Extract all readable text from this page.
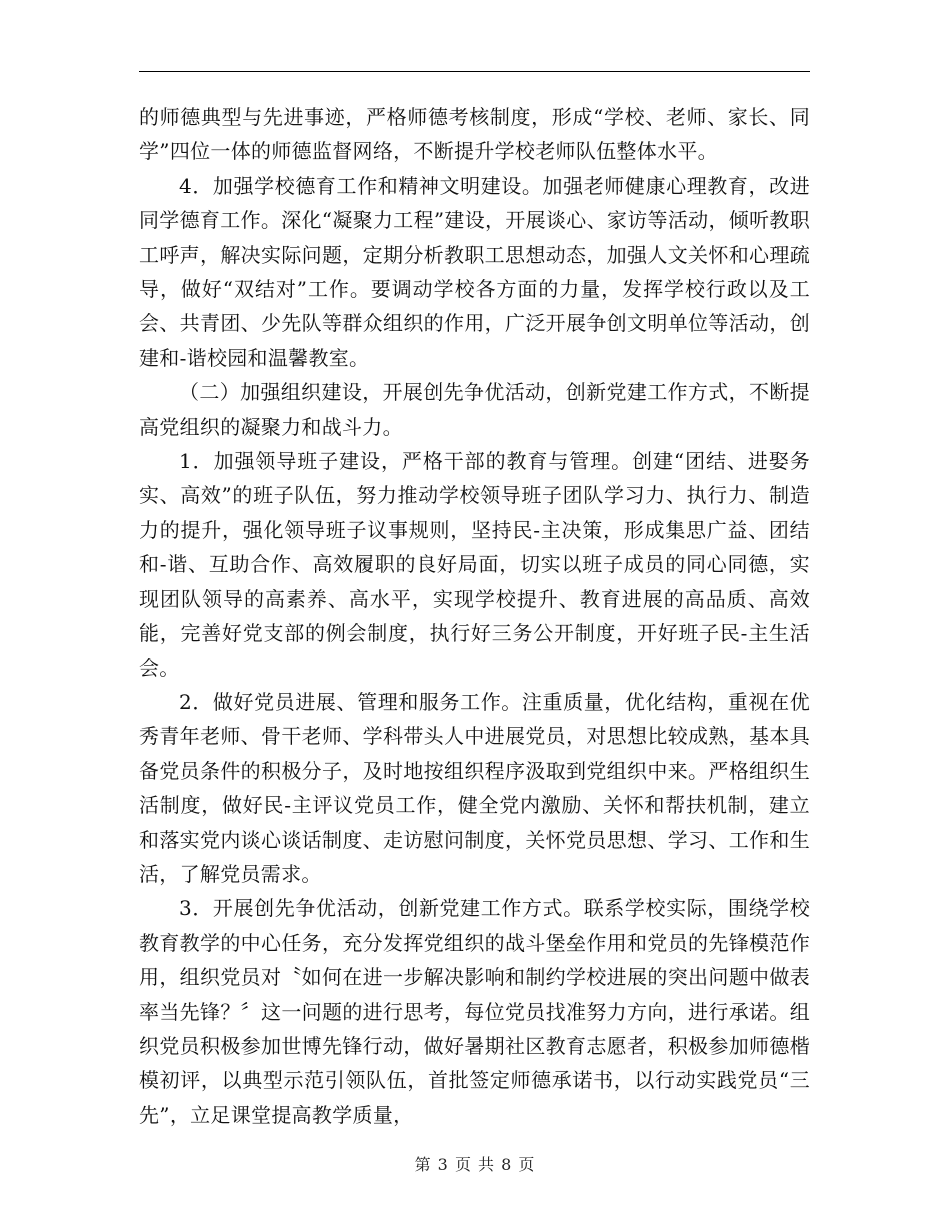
的师德典型与先进事迹，严格师德考核制度，形成“学校、老师、家长、同学”四位一体的师德监督网络，不断提升学校老师队伍整体水平。

4．加强学校德育工作和精神文明建设。加强老师健康心理教育，改进同学德育工作。深化“凝聚力工程”建设，开展谈心、家访等活动，倾听教职工呼声，解决实际问题，定期分析教职工思想动态，加强人文关怀和心理疏导，做好“双结对”工作。要调动学校各方面的力量，发挥学校行政以及工会、共青团、少先队等群众组织的作用，广泛开展争创文明单位等活动，创建和-谐校园和温馨教室。

（二）加强组织建设，开展创先争优活动，创新党建工作方式，不断提高党组织的凝聚力和战斗力。

1．加强领导班子建设，严格干部的教育与管理。创建“团结、进娶务实、高效”的班子队伍，努力推动学校领导班子团队学习力、执行力、制造力的提升，强化领导班子议事规则，坚持民-主决策，形成集思广益、团结和-谐、互助合作、高效履职的良好局面，切实以班子成员的同心同德，实现团队领导的高素养、高水平，实现学校提升、教育进展的高品质、高效能，完善好党支部的例会制度，执行好三务公开制度，开好班子民-主生活会。

2．做好党员进展、管理和服务工作。注重质量，优化结构，重视在优秀青年老师、骨干老师、学科带头人中进展党员，对思想比较成熟，基本具备党员条件的积极分子，及时地按组织程序汲取到党组织中来。严格组织生活制度，做好民-主评议党员工作，健全党内激励、关怀和帮扶机制，建立和落实党内谈心谈话制度、走访慰问制度，关怀党员思想、学习、工作和生活，了解党员需求。

3．开展创先争优活动，创新党建工作方式。联系学校实际，围绕学校教育教学的中心任务，充分发挥党组织的战斗堡垒作用和党员的先锋模范作用，组织党员对〝如何在进一步解决影响和制约学校进展的突出问题中做表率当先锋？〞这一问题的进行思考，每位党员找准努力方向，进行承诺。组织党员积极参加世博先锋行动，做好暑期社区教育志愿者，积极参加师德楷模初评，以典型示范引领队伍，首批签定师德承诺书，以行动实践党员“三先”，立足课堂提高教学质量，

第 3 页 共 8 页
